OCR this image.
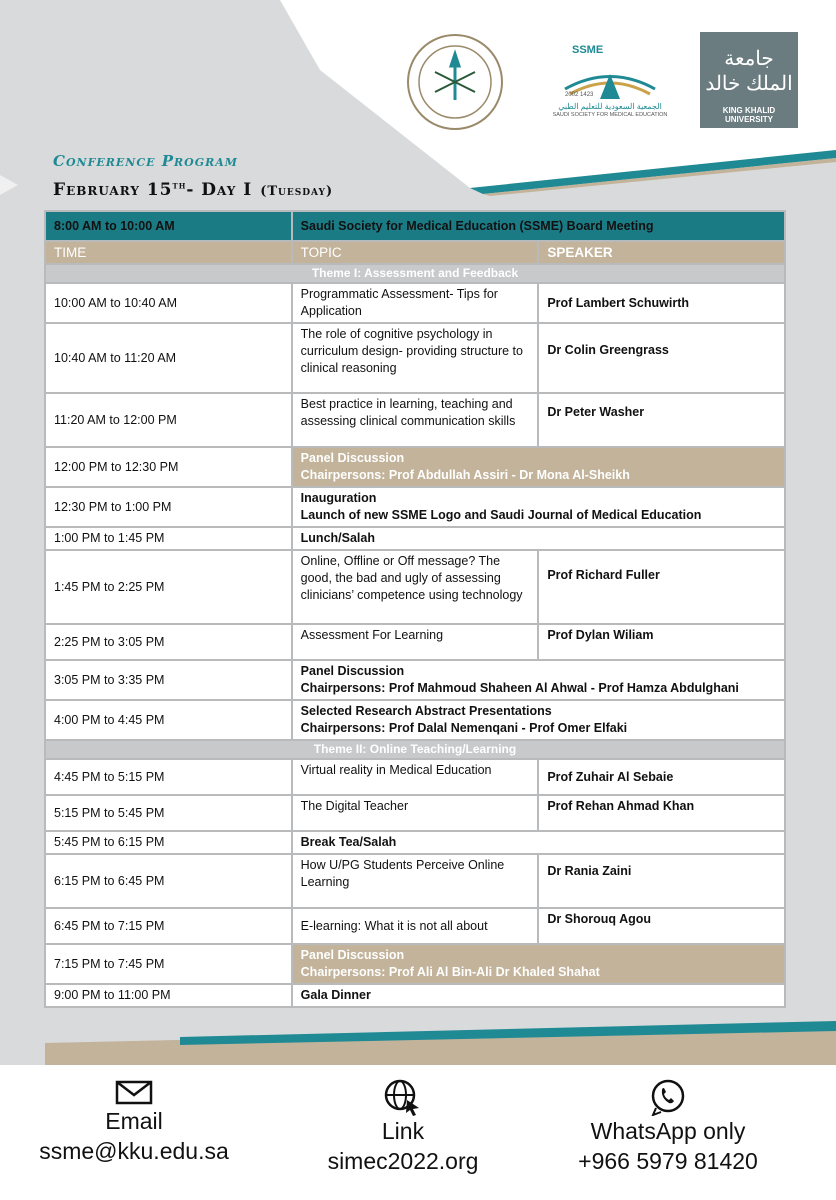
SSME
2002 1423
الجمعية السعودية للتعليم الطبي
SAUDI SOCIETY FOR MEDICAL EDUCATION
جامعة الملك خالد
KING KHALID UNIVERSITY
Conference Program
February 15th- Day I (Tuesday)
8:00 AM to 10:00 AM	Saudi Society for Medical Education (SSME) Board Meeting	
TIME	TOPIC	SPEAKER
Theme I: Assessment and Feedback		
10:00 AM to 10:40 AM	Programmatic Assessment- Tips for Application	Prof Lambert Schuwirth
10:40 AM to 11:20 AM	The role of cognitive psychology in curriculum design- providing structure to clinical reasoning	Dr Colin Greengrass
11:20 AM to 12:00 PM	Best practice in learning, teaching and assessing clinical communication skills	Dr Peter Washer
12:00 PM to 12:30 PM	Panel Discussion
Chairpersons: Prof Abdullah Assiri - Dr Mona Al-Sheikh	

12:30 PM to 1:00 PM	Inauguration
Launch of new SSME Logo and Saudi Journal of Medical Education	

1:00 PM to 1:45 PM	Lunch/Salah	
1:45 PM to 2:25 PM	Online, Offline or Off message? The good, the bad and ugly of assessing clinicians’ competence using technology	Prof Richard Fuller
2:25 PM to 3:05 PM	Assessment For Learning	Prof Dylan Wiliam
3:05 PM to 3:35 PM	Panel Discussion
Chairpersons: Prof Mahmoud Shaheen Al Ahwal - Prof Hamza Abdulghani	

4:00 PM to 4:45 PM	Selected Research Abstract Presentations
Chairpersons: Prof Dalal Nemenqani - Prof Omer Elfaki	

Theme II: Online Teaching/Learning		
4:45 PM to 5:15 PM	Virtual reality in Medical Education	Prof Zuhair Al Sebaie
5:15 PM to 5:45 PM	The Digital Teacher	Prof Rehan Ahmad Khan
5:45 PM to 6:15 PM	Break Tea/Salah	
6:15 PM to 6:45 PM	How U/PG Students Perceive Online Learning	Dr Rania Zaini
6:45 PM to 7:15 PM	E-learning: What it is not all about	Dr Shorouq Agou
7:15 PM to 7:45 PM	Panel Discussion
Chairpersons: Prof Ali Al Bin-Ali Dr Khaled Shahat	

9:00 PM to 11:00 PM	Gala Dinner	
Email
ssme@kku.edu.sa
Link
simec2022.org
WhatsApp only
+966 5979 81420
